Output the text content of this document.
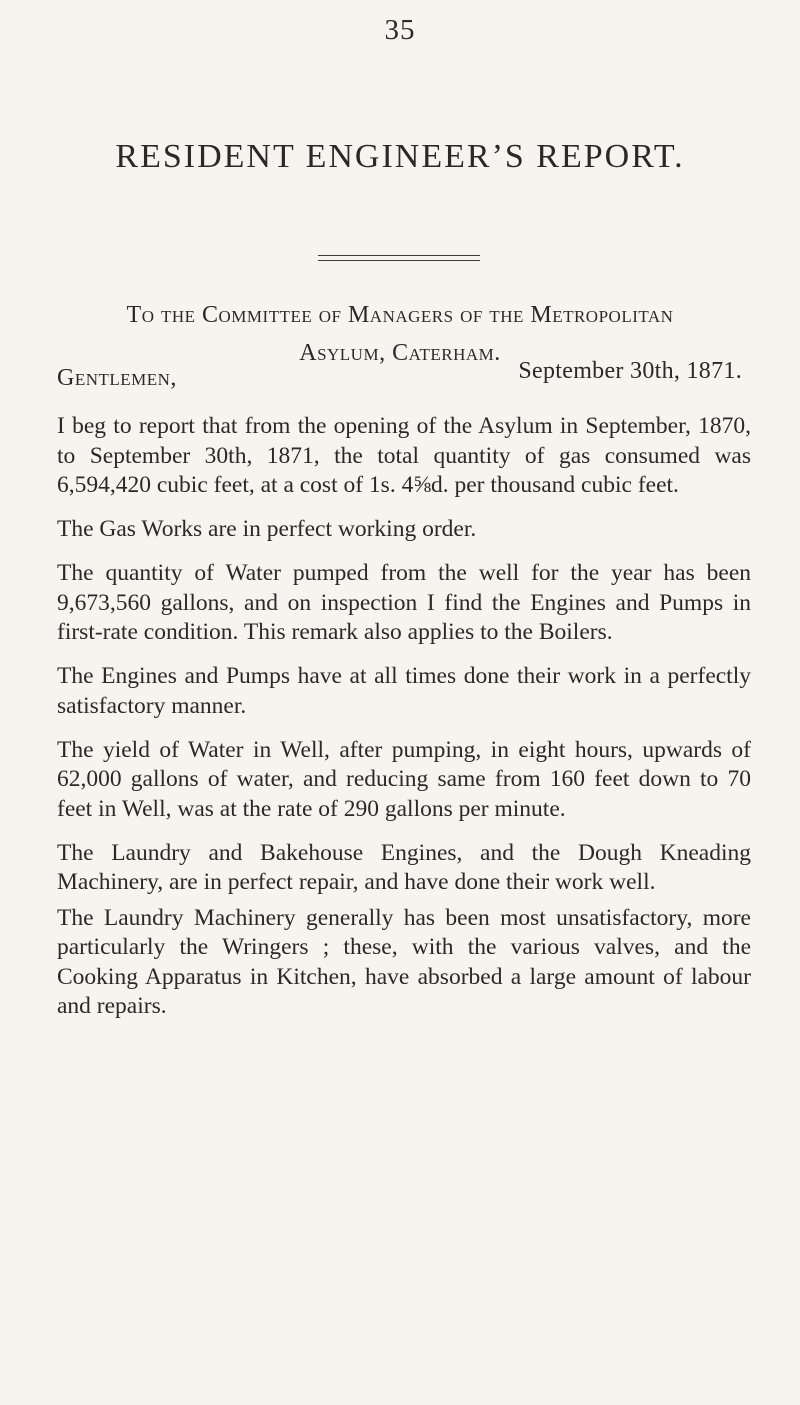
35
RESIDENT ENGINEER’S REPORT.
To the Committee of Managers of the Metropolitan
Asylum, Caterham.
September 30th, 1871.
Gentlemen,

I beg to report that from the opening of the Asylum in September, 1870, to September 30th, 1871, the total quantity of gas consumed was 6,594,420 cubic feet, at a cost of 1s. 4⅝d. per thousand cubic feet.

The Gas Works are in perfect working order.

The quantity of Water pumped from the well for the year has been 9,673,560 gallons, and on inspection I find the Engines and Pumps in first-rate condition. This remark also applies to the Boilers.

The Engines and Pumps have at all times done their work in a perfectly satisfactory manner.

The yield of Water in Well, after pumping, in eight hours, upwards of 62,000 gallons of water, and reducing same from 160 feet down to 70 feet in Well, was at the rate of 290 gallons per minute.

The Laundry and Bakehouse Engines, and the Dough Kneading Machinery, are in perfect repair, and have done their work well.

The Laundry Machinery generally has been most unsatisfactory, more particularly the Wringers ; these, with the various valves, and the Cooking Apparatus in Kitchen, have absorbed a large amount of labour and repairs.
